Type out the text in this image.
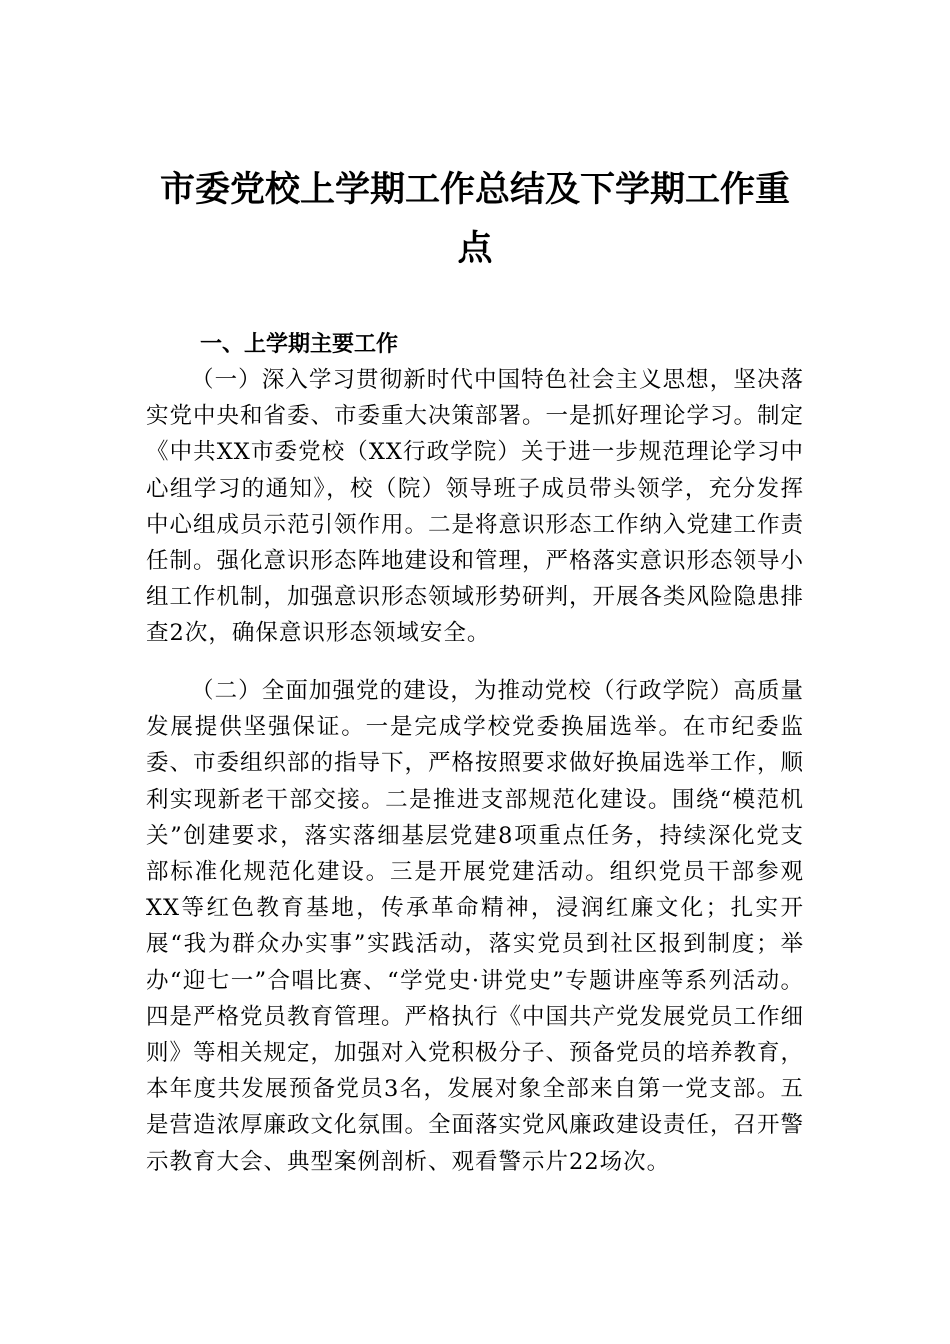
市委党校上学期工作总结及下学期工作重点
一、上学期主要工作

（一）深入学习贯彻新时代中国特色社会主义思想，坚决落实党中央和省委、市委重大决策部署。一是抓好理论学习。制定《中共XX市委党校（XX行政学院）关于进一步规范理论学习中心组学习的通知》，校（院）领导班子成员带头领学，充分发挥中心组成员示范引领作用。二是将意识形态工作纳入党建工作责任制。强化意识形态阵地建设和管理，严格落实意识形态领导小组工作机制，加强意识形态领域形势研判，开展各类风险隐患排查2次，确保意识形态领域安全。

（二）全面加强党的建设，为推动党校（行政学院）高质量发展提供坚强保证。一是完成学校党委换届选举。在市纪委监委、市委组织部的指导下，严格按照要求做好换届选举工作，顺利实现新老干部交接。二是推进支部规范化建设。围绕“模范机关”创建要求，落实落细基层党建8项重点任务，持续深化党支部标准化规范化建设。三是开展党建活动。组织党员干部参观XX等红色教育基地，传承革命精神，浸润红廉文化；扎实开展“我为群众办实事”实践活动，落实党员到社区报到制度；举办“迎七一”合唱比赛、“学党史·讲党史”专题讲座等系列活动。四是严格党员教育管理。严格执行《中国共产党发展党员工作细则》等相关规定，加强对入党积极分子、预备党员的培养教育，本年度共发展预备党员3名，发展对象全部来自第一党支部。五是营造浓厚廉政文化氛围。全面落实党风廉政建设责任，召开警示教育大会、典型案例剖析、观看警示片22场次。
